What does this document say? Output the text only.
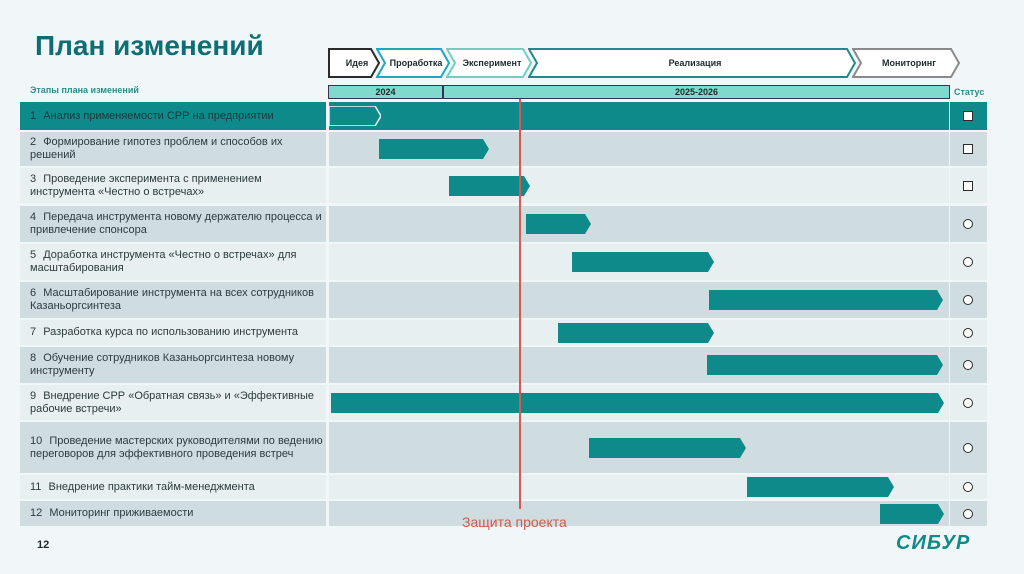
План изменений
Этапы плана изменений	Статус
Идея Проработка Эксперимент	Реализация	Мониторинг
2024	2025-2026
1 Анализ применяемости СРР на предприятии
2 Формирование гипотез проблем и способов их решений
3 Проведение эксперимента с применением инструмента «Честно о встречах»
4 Передача инструмента новому держателю процесса и привлечение спонсора
5 Доработка инструмента «Честно о встречах» для масштабирования
6 Масштабирование инструмента на всех сотрудников Казаньоргсинтеза
7 Разработка курса по использованию инструмента
8 Обучение сотрудников Казаньоргсинтеза новому инструменту
9 Внедрение СРР «Обратная связь» и «Эффективные рабочие встречи»
10 Проведение мастерских руководителями по ведению переговоров для эффективного проведения встреч
11 Внедрение практики тайм-менеджмента
12 Мониторинг приживаемости
Защита проекта
12	СИБУР
